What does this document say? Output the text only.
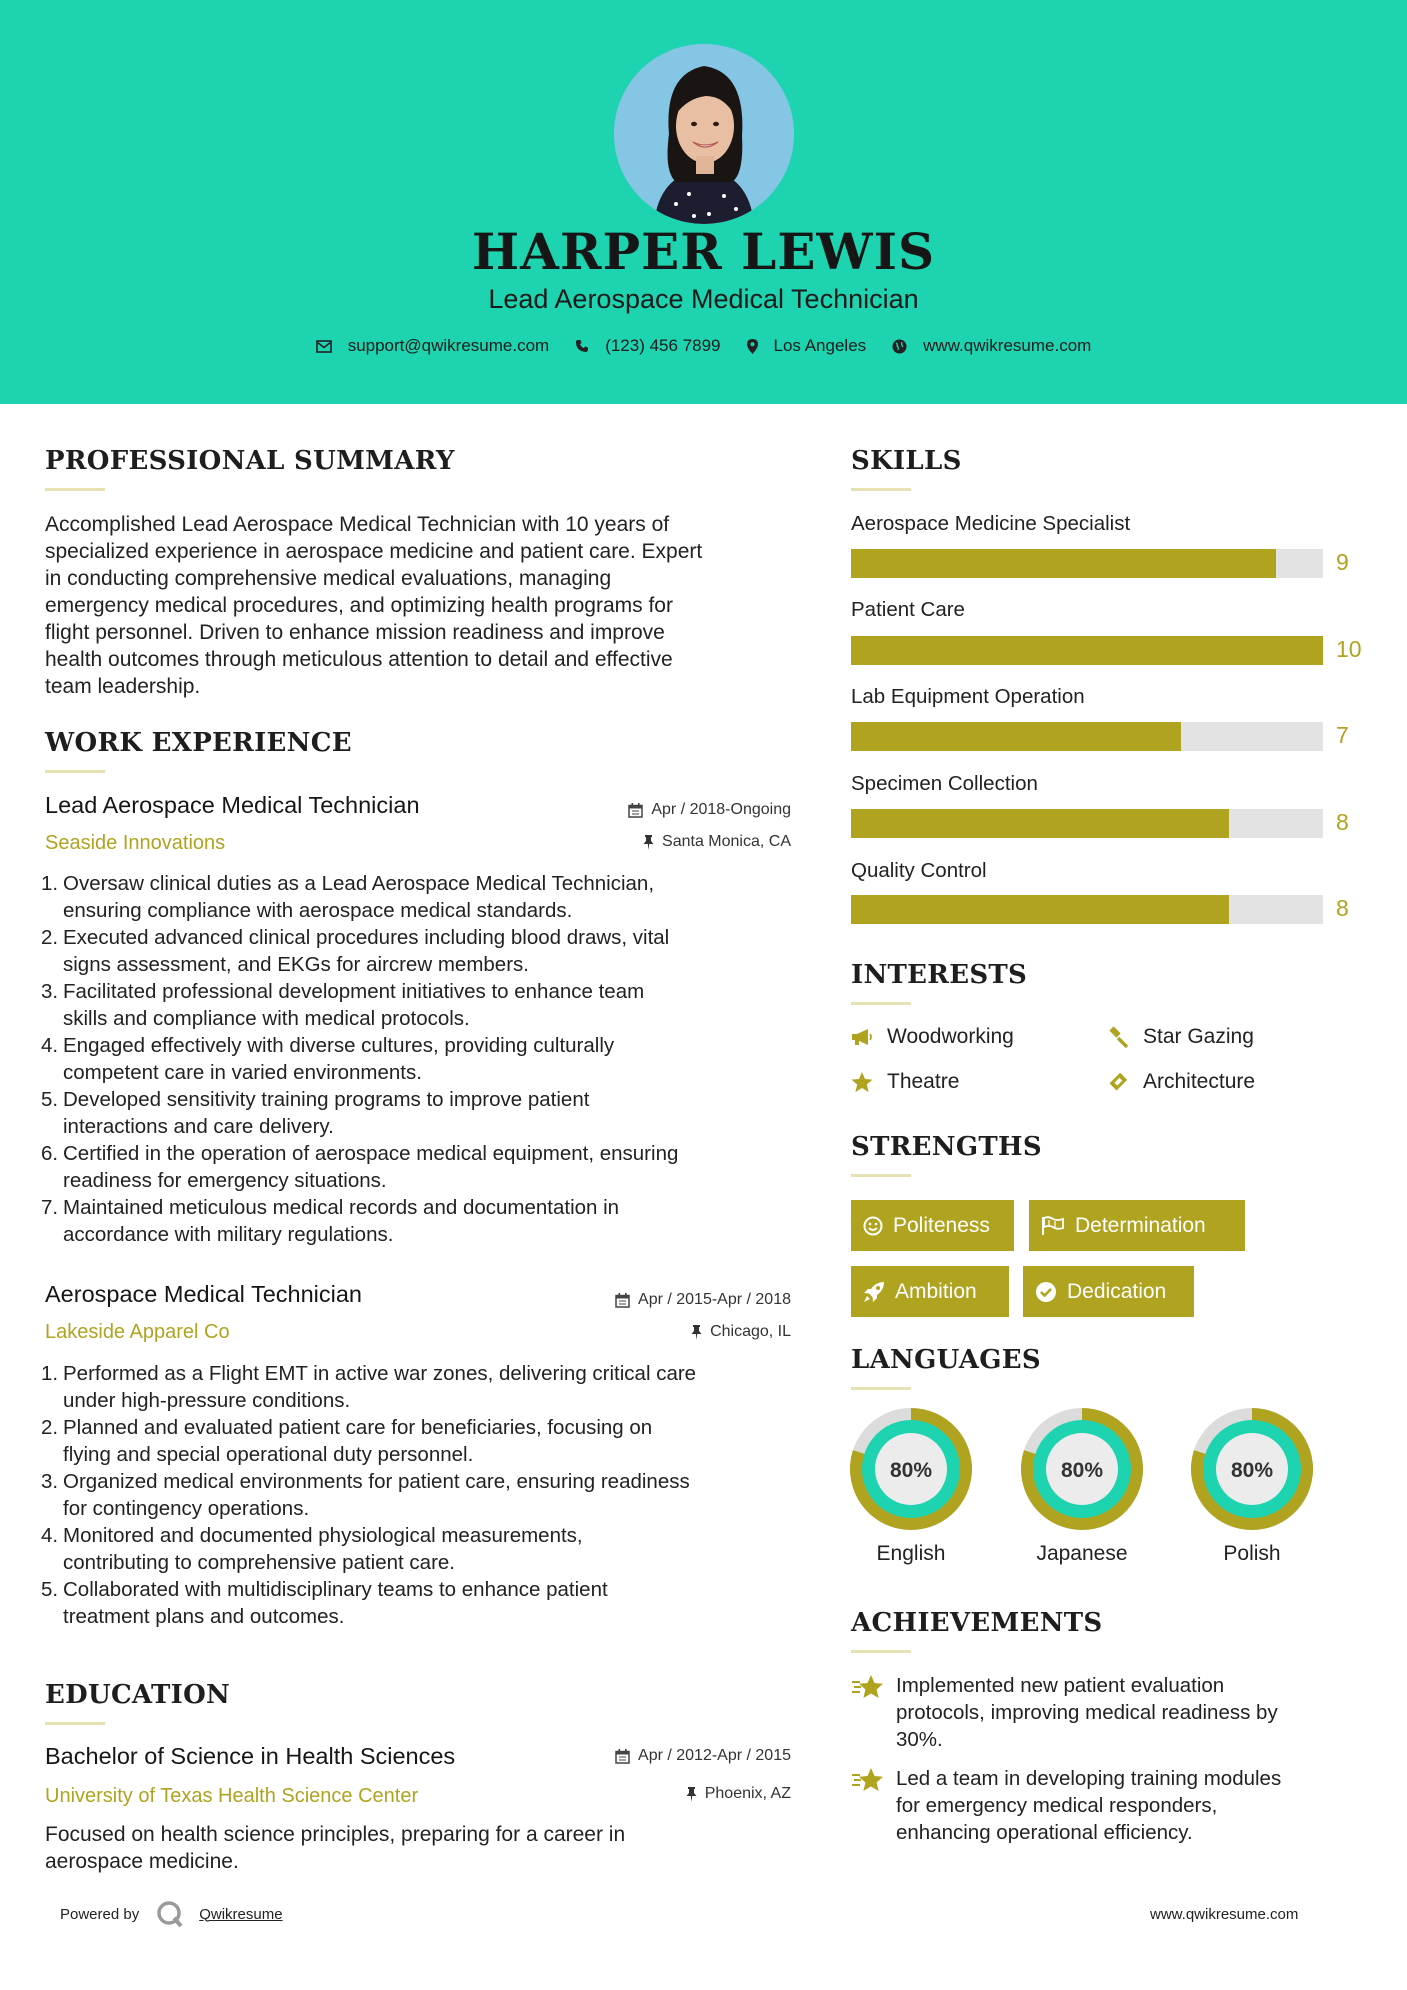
HARPER LEWIS
Lead Aerospace Medical Technician
support@qwikresume.com	(123) 456 7899	Los Angeles	www.qwikresume.com
PROFESSIONAL SUMMARY
Accomplished Lead Aerospace Medical Technician with 10 years of
specialized experience in aerospace medicine and patient care. Expert
in conducting comprehensive medical evaluations, managing
emergency medical procedures, and optimizing health programs for
flight personnel. Driven to enhance mission readiness and improve
health outcomes through meticulous attention to detail and effective
team leadership.
WORK EXPERIENCE
Lead Aerospace Medical Technician
Seaside Innovations
Apr / 2018-Ongoing
Santa Monica, CA
1. Oversaw clinical duties as a Lead Aerospace Medical Technician,
ensuring compliance with aerospace medical standards.
2. Executed advanced clinical procedures including blood draws, vital
signs assessment, and EKGs for aircrew members.
3. Facilitated professional development initiatives to enhance team
skills and compliance with medical protocols.
4. Engaged effectively with diverse cultures, providing culturally
competent care in varied environments.
5. Developed sensitivity training programs to improve patient
interactions and care delivery.
6. Certified in the operation of aerospace medical equipment, ensuring
readiness for emergency situations.
7. Maintained meticulous medical records and documentation in
accordance with military regulations.
Aerospace Medical Technician
Lakeside Apparel Co
Apr / 2015-Apr / 2018
Chicago, IL
1. Performed as a Flight EMT in active war zones, delivering critical care
under high-pressure conditions.
2. Planned and evaluated patient care for beneficiaries, focusing on
flying and special operational duty personnel.
3. Organized medical environments for patient care, ensuring readiness
for contingency operations.
4. Monitored and documented physiological measurements,
contributing to comprehensive patient care.
5. Collaborated with multidisciplinary teams to enhance patient
treatment plans and outcomes.
EDUCATION
Bachelor of Science in Health Sciences
University of Texas Health Science Center
Apr / 2012-Apr / 2015
Phoenix, AZ
Focused on health science principles, preparing for a career in
aerospace medicine.
SKILLS
Aerospace Medicine Specialist
9
Patient Care
10
Lab Equipment Operation
7
Specimen Collection
8
Quality Control
8
INTERESTS
Woodworking	Star Gazing
Theatre	Architecture
STRENGTHS
Politeness	Determination
Ambition	Dedication
LANGUAGES
80%
English
80%
Japanese
80%
Polish
ACHIEVEMENTS
Implemented new patient evaluation
protocols, improving medical readiness by
30%.
Led a team in developing training modules
for emergency medical responders,
enhancing operational efficiency.
Powered by	Qwikresume	www.qwikresume.com
